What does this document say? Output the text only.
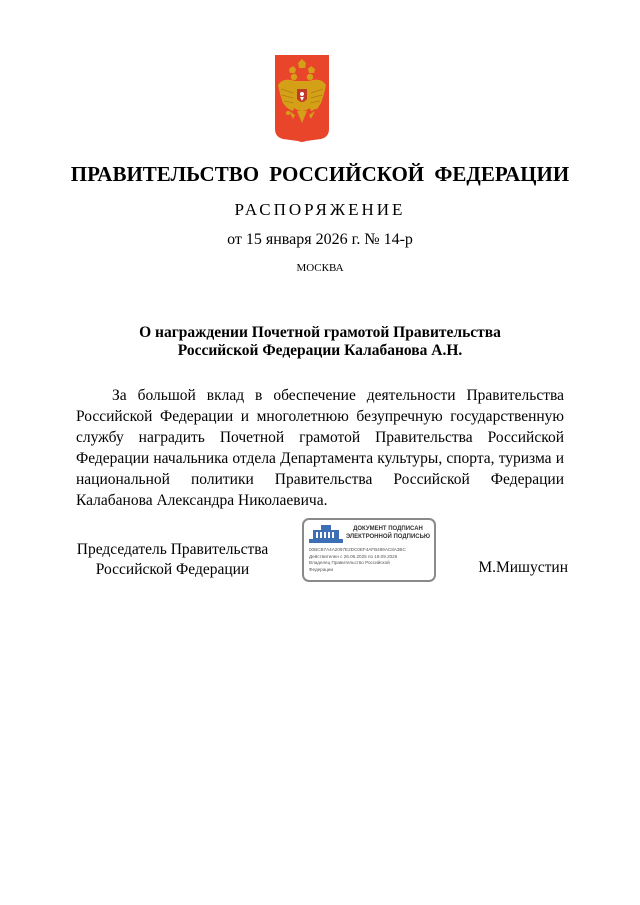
ПРАВИТЕЛЬСТВО РОССИЙСКОЙ ФЕДЕРАЦИИ
РАСПОРЯЖЕНИЕ
от 15 января 2026 г. № 14-р
МОСКВА
О награждении Почетной грамотой Правительства
Российской Федерации Калабанова А.Н.
За большой вклад в обеспечение деятельности Правительства Российской Федерации и многолетнюю безупречную государственную службу наградить Почетной грамотой Правительства Российской Федерации начальника отдела Департамента культуры, спорта, туризма и национальной политики Правительства Российской Федерации Калабанова Александра Николаевича.
Председатель Правительства
Российской Федерации
ДОКУМЕНТ ПОДПИСАН
ЭЛЕКТРОННОЙ ПОДПИСЬЮ
00BCB7A4A2097E2DC0EF4AFB489AC8A3BC
Действителен с 26.06.2025 по 19.09.2026
Владелец Правительство Российской
Федерации	М.Мишустин
